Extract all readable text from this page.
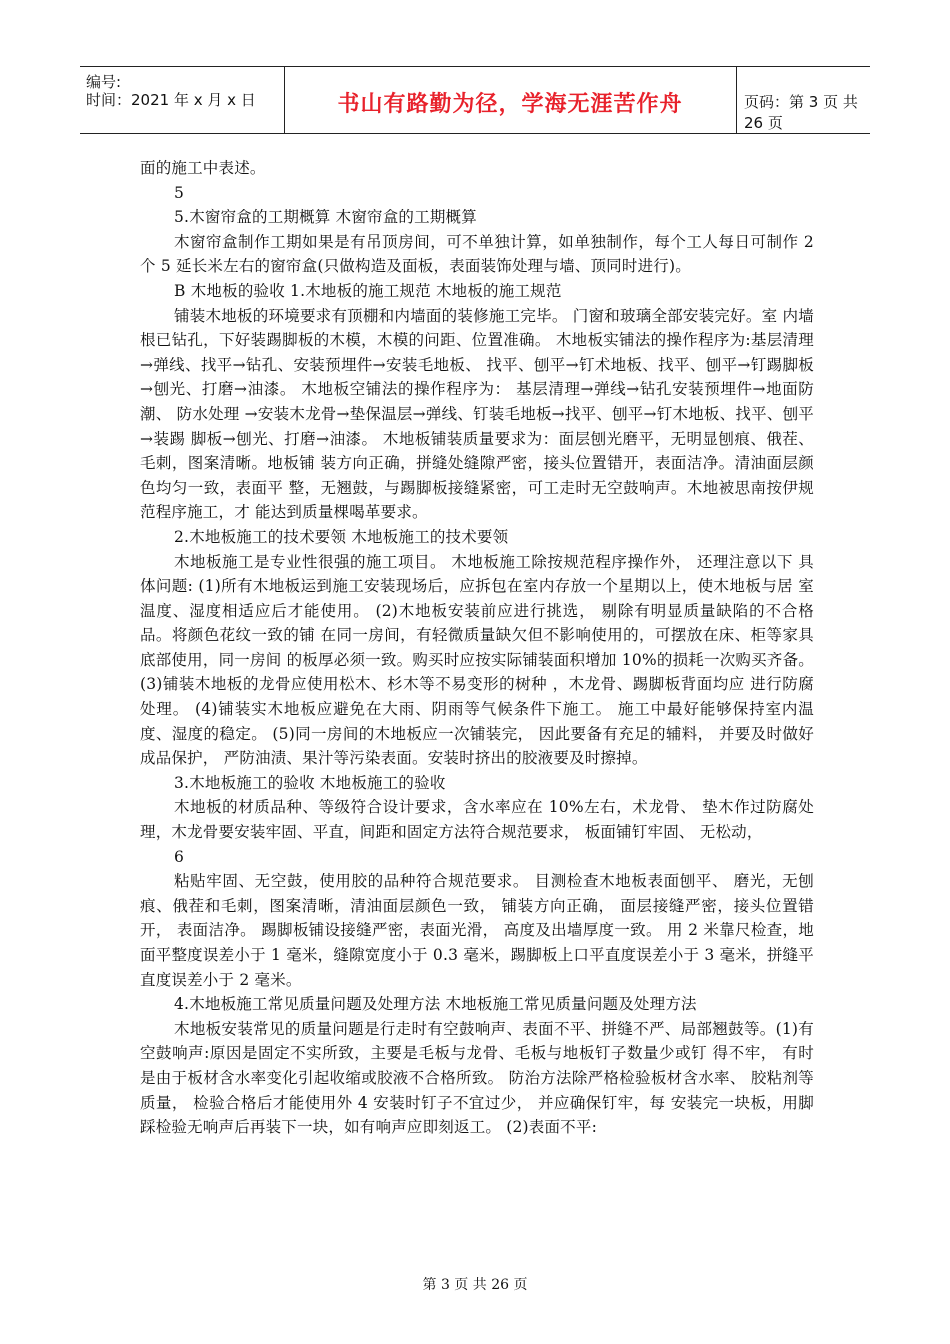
编号:
时间：2021 年 x 月 x 日	书山有路勤为径，学海无涯苦作舟	页码：第 3 页 共 26 页

面的施工中表述。

5

5.木窗帘盒的工期概算 木窗帘盒的工期概算

木窗帘盒制作工期如果是有吊顶房间，可不单独计算，如单独制作，每个工人每日可制作 2 个 5 延长米左右的窗帘盒(只做构造及面板，表面装饰处理与墙、顶同时进行)。

B 木地板的验收 1.木地板的施工规范 木地板的施工规范

铺装木地板的环境要求有顶棚和内墙面的装修施工完毕。 门窗和玻璃全部安装完好。室 内墙根已钻孔，下好装踢脚板的木模，木模的问距、位置准确。 木地板实铺法的操作程序为:基层清理→弹线、找平→钻孔、安装预埋件→安装毛地板、 找平、刨平→钉术地板、找平、刨平→钉踢脚板→刨光、打磨→油漆。 木地板空铺法的操作程序为： 基层清理→弹线→钻孔安装预埋件→地面防潮、 防水处理 →安装木龙骨→垫保温层→弹线、钉装毛地板→找平、刨平→钉木地板、找平、刨平→装踢 脚板→刨光、打磨→油漆。 木地板铺装质量要求为：面层刨光磨平，无明显刨痕、俄茬、毛刺，图案清晰。地板铺 装方向正确，拼缝处缝隙严密，接头位置错开，表面洁净。清油面层颜色均匀一致，表面平 整，无翘鼓，与踢脚板接缝紧密，可工走时无空鼓响声。木地被思南按伊规范程序施工，才 能达到质量棵喝革要求。

2.木地板施工的技术要领 木地板施工的技术要领

木地板施工是专业性很强的施工项目。 木地板施工除按规范程序操作外， 还理注意以下 具体问题: (1)所有木地板运到施工安装现场后，应拆包在室内存放一个星期以上，使木地板与居 室温度、湿度相适应后才能使用。 (2)木地板安装前应进行挑选， 剔除有明显质量缺陷的不合格品。将颜色花纹一致的铺 在同一房间，有轻微质量缺欠但不影响使用的，可摆放在床、柜等家具底部使用，同一房间 的板厚必须一致。购买时应按实际铺装面积增加 10%的损耗一次购买齐备。 (3)铺装木地板的龙骨应使用松木、杉木等不易变形的树种 ，木龙骨、踢脚板背面均应 进行防腐处理。 (4)铺装实木地板应避免在大雨、阴雨等气候条件下施工。 施工中最好能够保持室内温 度、湿度的稳定。 (5)同一房间的木地板应一次铺装完， 因此要备有充足的辅料， 并要及时做好成品保护， 严防油渍、果汁等污染表面。安装时挤出的胶液要及时擦掉。

3.木地板施工的验收 木地板施工的验收

木地板的材质品种、等级符合设计要求，含水率应在 10%左右，术龙骨、 垫木作过防腐处理，木龙骨要安装牢固、平直，间距和固定方法符合规范要求， 板面铺钉牢固、 无松动，

6

粘贴牢固、无空鼓，使用胶的品种符合规范要求。 目测检查木地板表面刨平、 磨光，无刨痕、俄茬和毛刺，图案清晰，清油面层颜色一致， 铺装方向正确， 面层接缝严密，接头位置错开， 表面洁净。 踢脚板铺设接缝严密，表面光滑， 高度及出墙厚度一致。 用 2 米靠尺检查，地面平整度误差小于 1 毫米，缝隙宽度小于 0.3 毫米，踢脚板上口平直度误差小于 3 毫米，拼缝平直度误差小于 2 毫米。

4.木地板施工常见质量问题及处理方法 木地板施工常见质量问题及处理方法

木地板安装常见的质量问题是行走时有空鼓响声、表面不平、拼缝不严、局部翘鼓等。(1)有空鼓响声:原因是固定不实所致，主要是毛板与龙骨、毛板与地板钉子数量少或钉 得不牢， 有时是由于板材含水率变化引起收缩或胶液不合格所致。 防治方法除严格检验板材含水率、 胶粘剂等质量， 检验合格后才能使用外 4 安装时钉子不宜过少， 并应确保钉牢，每 安装完一块板，用脚踩检验无响声后再装下一块，如有响声应即刻返工。 (2)表面不平:

第 3 页 共 26 页
